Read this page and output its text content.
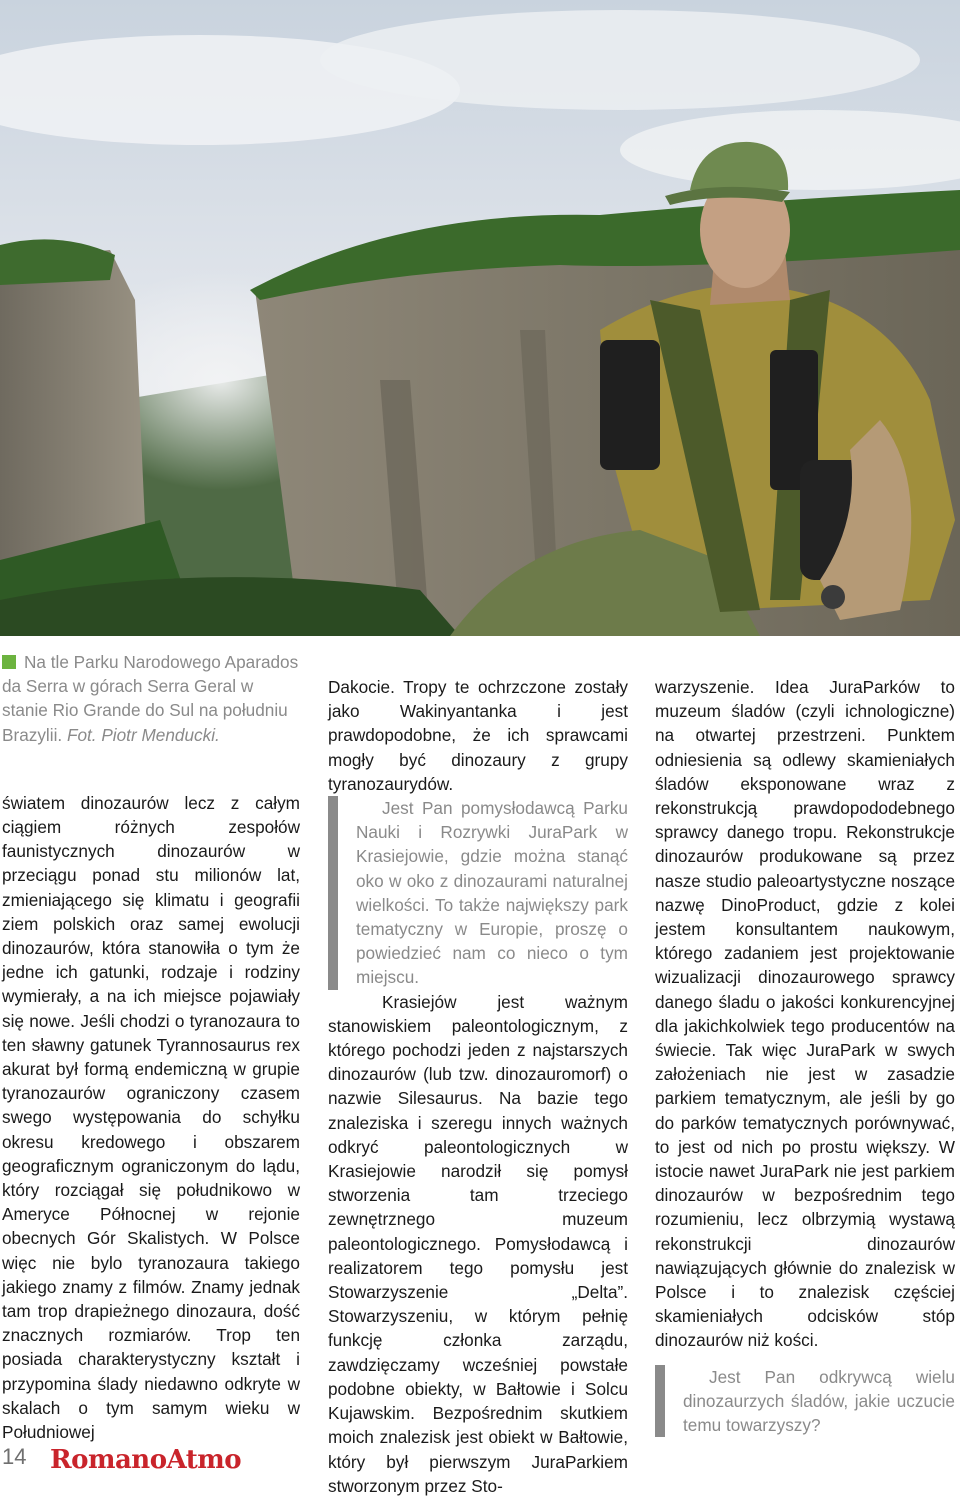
Na tle Parku Narodowego Aparados da Serra w górach Serra Geral w stanie Rio Grande do Sul na południu Brazylii. Fot. Piotr Menducki.

światem dinozaurów lecz z całym ciągiem różnych zespołów faunistycznych dinozaurów w przeciągu ponad stu milionów lat, zmieniającego się klimatu i geografii ziem polskich oraz samej ewolucji dinozaurów, która stanowiła o tym że jedne ich gatunki, rodzaje i rodziny wymierały, a na ich miejsce pojawiały się nowe. Jeśli chodzi o tyranozaura to ten sławny gatunek Tyrannosaurus rex akurat był formą endemiczną w grupie tyranozaurów ograniczony czasem swego występowania do schyłku okresu kredowego i obszarem geograficznym ograniczonym do lądu, który rozciągał się południkowo w Ameryce Północnej w rejonie obecnych Gór Skalistych. W Polsce więc nie bylo tyranozaura takiego jakiego znamy z filmów. Znamy jednak tam trop drapieżnego dinozaura, dość znacznych rozmiarów. Trop ten posiada charakterystyczny kształt i przypomina ślady niedawno odkryte w skalach o tym samym wieku w Południowej

Dakocie. Tropy te ochrzczone zostały jako Wakinyantanka i jest prawdopodobne, że ich sprawcami mogły być dinozaury z grupy tyranozaurydów.

Jest Pan pomysłodawcą Parku Nauki i Rozrywki JuraPark w Krasiejowie, gdzie można stanąć oko w oko z dinozaurami naturalnej wielkości. To także największy park tematyczny w Europie, proszę o powiedzieć nam co nieco o tym miejscu.

Krasiejów jest ważnym stanowiskiem paleontologicznym, z którego pochodzi jeden z najstarszych dinozaurów (lub tzw. dinozauromorf) o nazwie Silesaurus. Na bazie tego znaleziska i szeregu innych ważnych odkryć paleontologicznych w Krasiejowie narodził się pomysł stworzenia tam trzeciego zewnętrznego muzeum paleontologicznego. Pomysłodawcą i realizatorem tego pomysłu jest Stowarzyszenie „Delta”. Stowarzyszeniu, w którym pełnię funkcję członka zarządu, zawdzięczamy wcześniej powstałe podobne obiekty, w Bałtowie i Solcu Kujawskim. Bezpośrednim skutkiem moich znalezisk jest obiekt w Bałtowie, który był pierwszym JuraParkiem stworzonym przez Sto-

warzyszenie. Idea JuraParków to muzeum śladów (czyli ichnologiczne) na otwartej przestrzeni. Punktem odniesienia są odlewy skamieniałych śladów eksponowane wraz z rekonstrukcją prawdopododebnego sprawcy danego tropu. Rekonstrukcje dinozaurów produkowane są przez nasze studio paleoartystyczne noszące nazwę DinoProduct, gdzie z kolei jestem konsultantem naukowym, którego zadaniem jest projektowanie wizualizacji dinozaurowego sprawcy danego śladu o jakości konkurencyjnej dla jakichkolwiek tego producentów na świecie. Tak więc JuraPark w swych założeniach nie jest w zasadzie parkiem tematycznym, ale jeśli by go do parków tematycznych porównywać, to jest od nich po prostu większy. W istocie nawet JuraPark nie jest parkiem dinozaurów w bezpośrednim tego rozumieniu, lecz olbrzymią wystawą rekonstrukcji dinozaurów nawiązujących głównie do znalezisk w Polsce i to znalezisk częściej skamieniałych odcisków stóp dinozaurów niż kości.

Jest Pan odkrywcą wielu dinozaurzych śladów, jakie uczucie temu towarzyszy?
14 RomanoAtmo
